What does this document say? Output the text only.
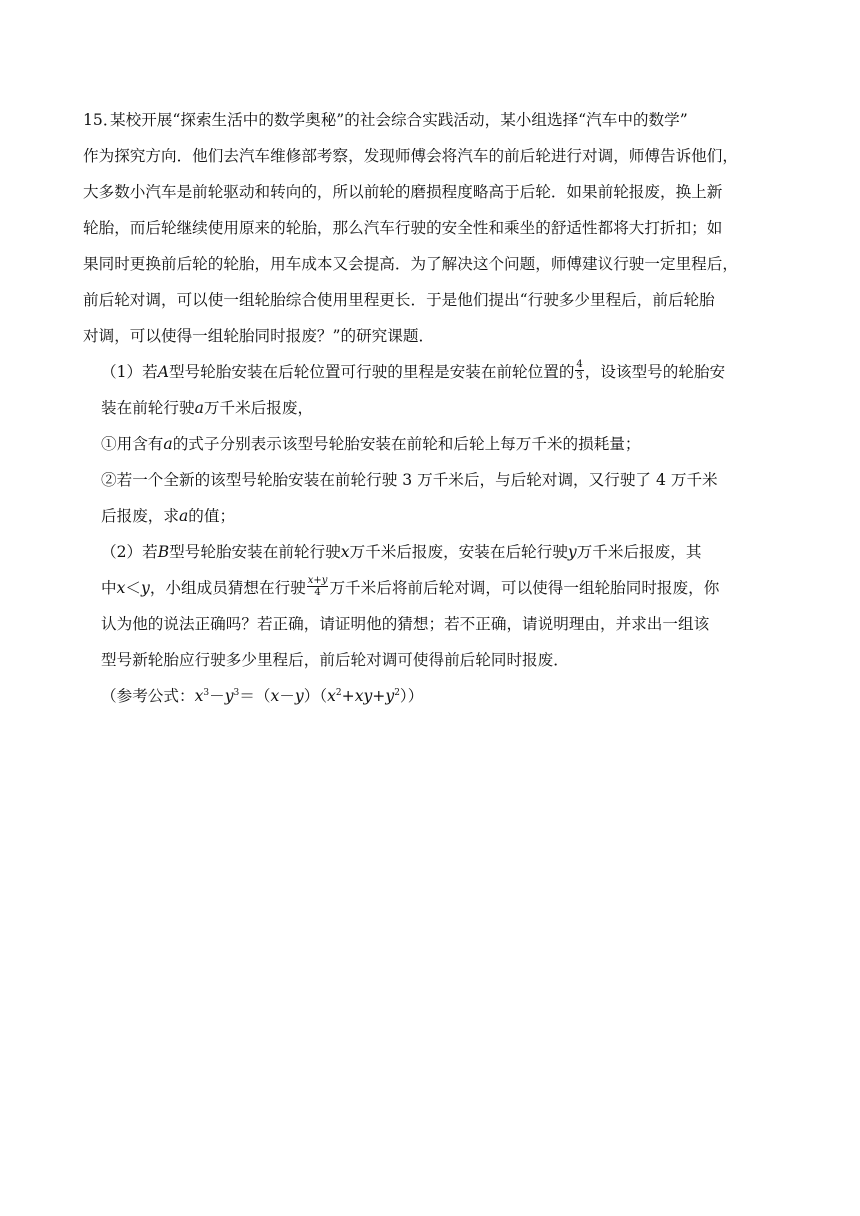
15．
某校开展“探索生活中的数学奥秘”的社会综合实践活动，某小组选择“汽车中的数学”
作为探究方向．他们去汽车维修部考察，发现师傅会将汽车的前后轮进行对调，师傅告诉他们，
大多数小汽车是前轮驱动和转向的，所以前轮的磨损程度略高于后轮．如果前轮报废，换上新
轮胎，而后轮继续使用原来的轮胎，那么汽车行驶的安全性和乘坐的舒适性都将大打折扣；如
果同时更换前后轮的轮胎，用车成本又会提高．为了解决这个问题，师傅建议行驶一定里程后，
前后轮对调，可以使一组轮胎综合使用里程更长．于是他们提出“行驶多少里程后，前后轮胎
对调，可以使得一组轮胎同时报废？”的研究课题．
（1）若A型号轮胎安装在后轮位置可行驶的里程是安装在前轮位置的 $\frac{4}{3}$ ，设该型号的轮胎安
装在前轮行驶a万千米后报废，
①用含有a的式子分别表示该型号轮胎安装在前轮和后轮上每万千米的损耗量；
②若一个全新的该型号轮胎安装在前轮行驶 3 万千米后，与后轮对调，又行驶了 4 万千米
后报废，求a的值；
（2）若B型号轮胎安装在前轮行驶x万千米后报废，安装在后轮行驶y万千米后报废，其
中x＜y，小组成员猜想在行驶 $\frac{x+y}{4}$ 万千米后将前后轮对调，可以使得一组轮胎同时报废，你
认为他的说法正确吗？若正确，请证明他的猜想；若不正确，请说明理由，并求出一组该
型号新轮胎应行驶多少里程后，前后轮对调可使得前后轮同时报废．
（参考公式：$x^3-y^3=(x-y)(x^2+xy+y^2)$）
